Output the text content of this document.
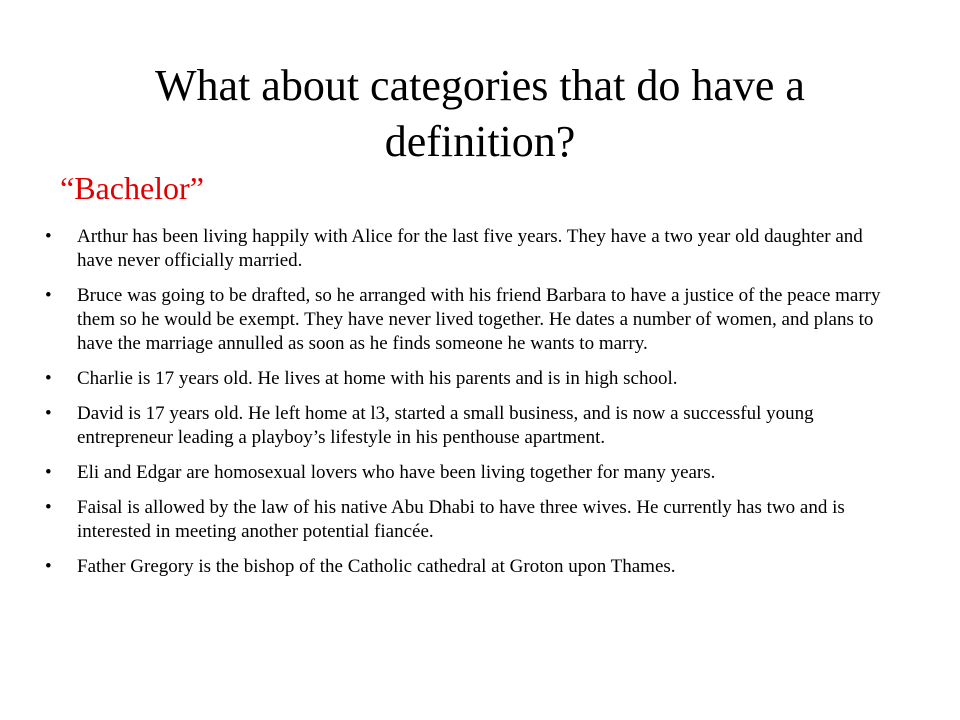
What about categories that do have a definition?
“Bachelor”
• Arthur has been living happily with Alice for the last five years. They have a two year old daughter and have never officially married.
• Bruce was going to be drafted, so he arranged with his friend Barbara to have a justice of the peace marry them so he would be exempt. They have never lived together. He dates a number of women, and plans to have the marriage annulled as soon as he finds someone he wants to marry.
• Charlie is 17 years old. He lives at home with his parents and is in high school.
• David is 17 years old. He left home at l3, started a small business, and is now a successful young entrepreneur leading a playboy’s lifestyle in his penthouse apartment.
• Eli and Edgar are homosexual lovers who have been living together for many years.
• Faisal is allowed by the law of his native Abu Dhabi to have three wives. He currently has two and is interested in meeting another potential fiancée.
• Father Gregory is the bishop of the Catholic cathedral at Groton upon Thames.
